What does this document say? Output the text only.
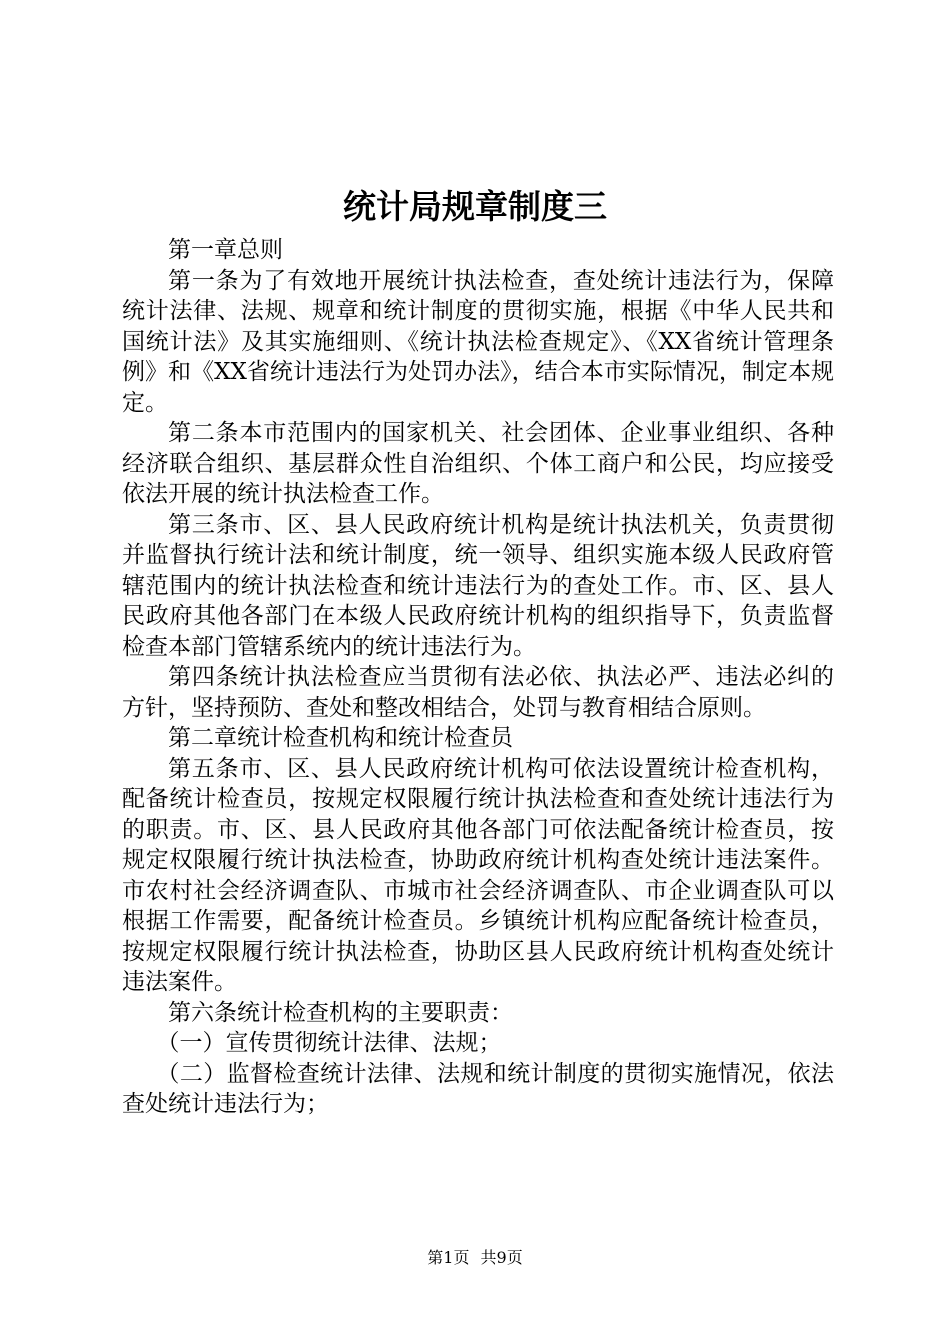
统计局规章制度三

第一章总则

第一条为了有效地开展统计执法检查，查处统计违法行为，保障统计法律、法规、规章和统计制度的贯彻实施，根据《中华人民共和国统计法》及其实施细则、《统计执法检查规定》、《XX省统计管理条例》和《XX省统计违法行为处罚办法》，结合本市实际情况，制定本规定。

第二条本市范围内的国家机关、社会团体、企业事业组织、各种经济联合组织、基层群众性自治组织、个体工商户和公民，均应接受依法开展的统计执法检查工作。

第三条市、区、县人民政府统计机构是统计执法机关，负责贯彻并监督执行统计法和统计制度，统一领导、组织实施本级人民政府管辖范围内的统计执法检查和统计违法行为的查处工作。市、区、县人民政府其他各部门在本级人民政府统计机构的组织指导下，负责监督检查本部门管辖系统内的统计违法行为。

第四条统计执法检查应当贯彻有法必依、执法必严、违法必纠的方针，坚持预防、查处和整改相结合，处罚与教育相结合原则。

第二章统计检查机构和统计检查员

第五条市、区、县人民政府统计机构可依法设置统计检查机构，配备统计检查员，按规定权限履行统计执法检查和查处统计违法行为的职责。市、区、县人民政府其他各部门可依法配备统计检查员，按规定权限履行统计执法检查，协助政府统计机构查处统计违法案件。市农村社会经济调查队、市城市社会经济调查队、市企业调查队可以根据工作需要，配备统计检查员。乡镇统计机构应配备统计检查员，按规定权限履行统计执法检查，协助区县人民政府统计机构查处统计违法案件。

第六条统计检查机构的主要职责：

（一）宣传贯彻统计法律、法规；

（二）监督检查统计法律、法规和统计制度的贯彻实施情况，依法查处统计违法行为；

第1页 共9页
